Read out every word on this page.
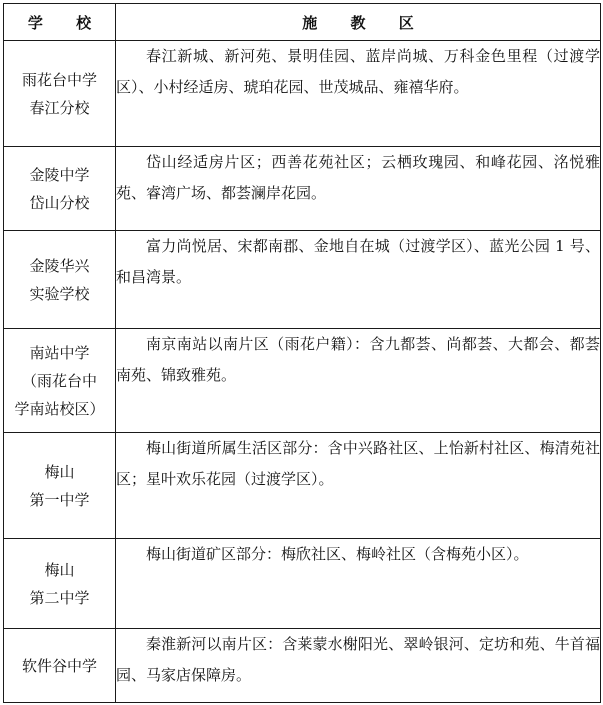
学 校	施 教 区

雨花台中学
春江分校	春江新城、新河苑、景明佳园、蓝岸尚城、万科金色里程（过渡学区）、小村经适房、琥珀花园、世茂城品、雍禧华府。

金陵中学
岱山分校	岱山经适房片区；西善花苑社区；云栖玫瑰园、和峰花园、洺悦雅苑、睿湾广场、都荟澜岸花园。

金陵华兴
实验学校	富力尚悦居、宋都南郡、金地自在城（过渡学区）、蓝光公园 1 号、和昌湾景。

南站中学
（雨花台中
学南站校区）	南京南站以南片区（雨花户籍）：含九都荟、尚都荟、大都会、都荟南苑、锦致雅苑。

梅山
第一中学	梅山街道所属生活区部分：含中兴路社区、上怡新村社区、梅清苑社区；星叶欢乐花园（过渡学区）。

梅山
第二中学	梅山街道矿区部分：梅欣社区、梅岭社区（含梅苑小区）。

软件谷中学	秦淮新河以南片区：含莱蒙水榭阳光、翠岭银河、定坊和苑、牛首福园、马家店保障房。
